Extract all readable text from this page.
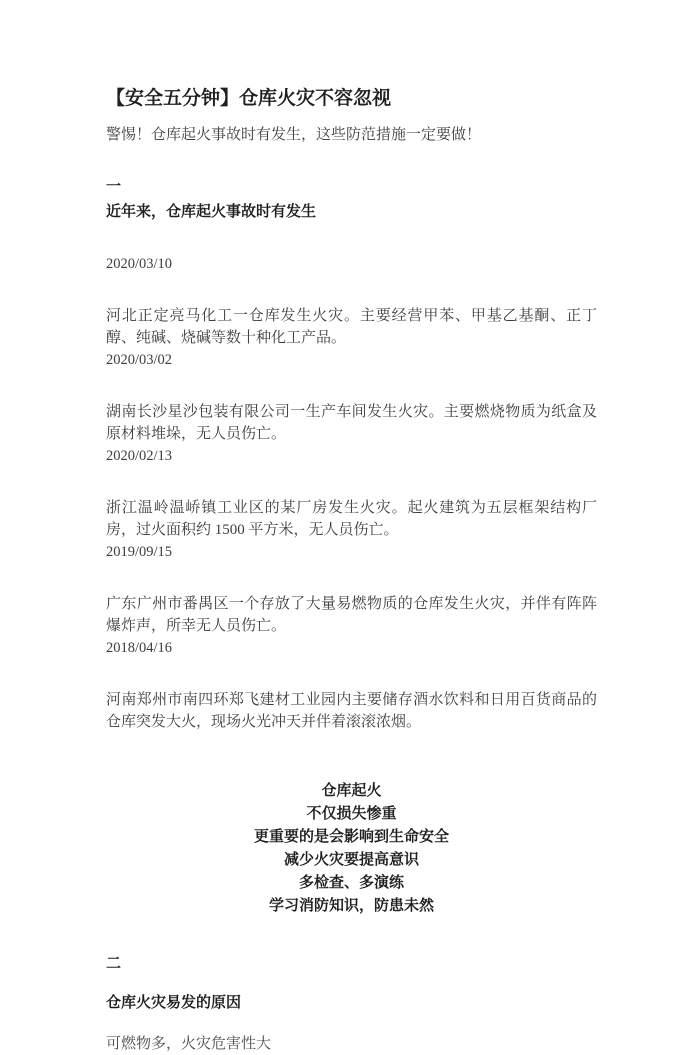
【安全五分钟】仓库火灾不容忽视

警惕！仓库起火事故时有发生，这些防范措施一定要做！

一
近年来，仓库起火事故时有发生

2020/03/10

河北正定亮马化工一仓库发生火灾。主要经营甲苯、甲基乙基酮、正丁醇、纯碱、烧碱等数十种化工产品。
2020/03/02

湖南长沙星沙包装有限公司一生产车间发生火灾。主要燃烧物质为纸盒及原材料堆垛，无人员伤亡。
2020/02/13

浙江温岭温峤镇工业区的某厂房发生火灾。起火建筑为五层框架结构厂房，过火面积约 1500 平方米，无人员伤亡。
2019/09/15

广东广州市番禺区一个存放了大量易燃物质的仓库发生火灾，并伴有阵阵爆炸声，所幸无人员伤亡。
2018/04/16

河南郑州市南四环郑飞建材工业园内主要储存酒水饮料和日用百货商品的仓库突发大火，现场火光冲天并伴着滚滚浓烟。

仓库起火
不仅损失惨重
更重要的是会影响到生命安全
减少火灾要提高意识
多检查、多演练
学习消防知识，防患未然
二
仓库火灾易发的原因

可燃物多，火灾危害性大
